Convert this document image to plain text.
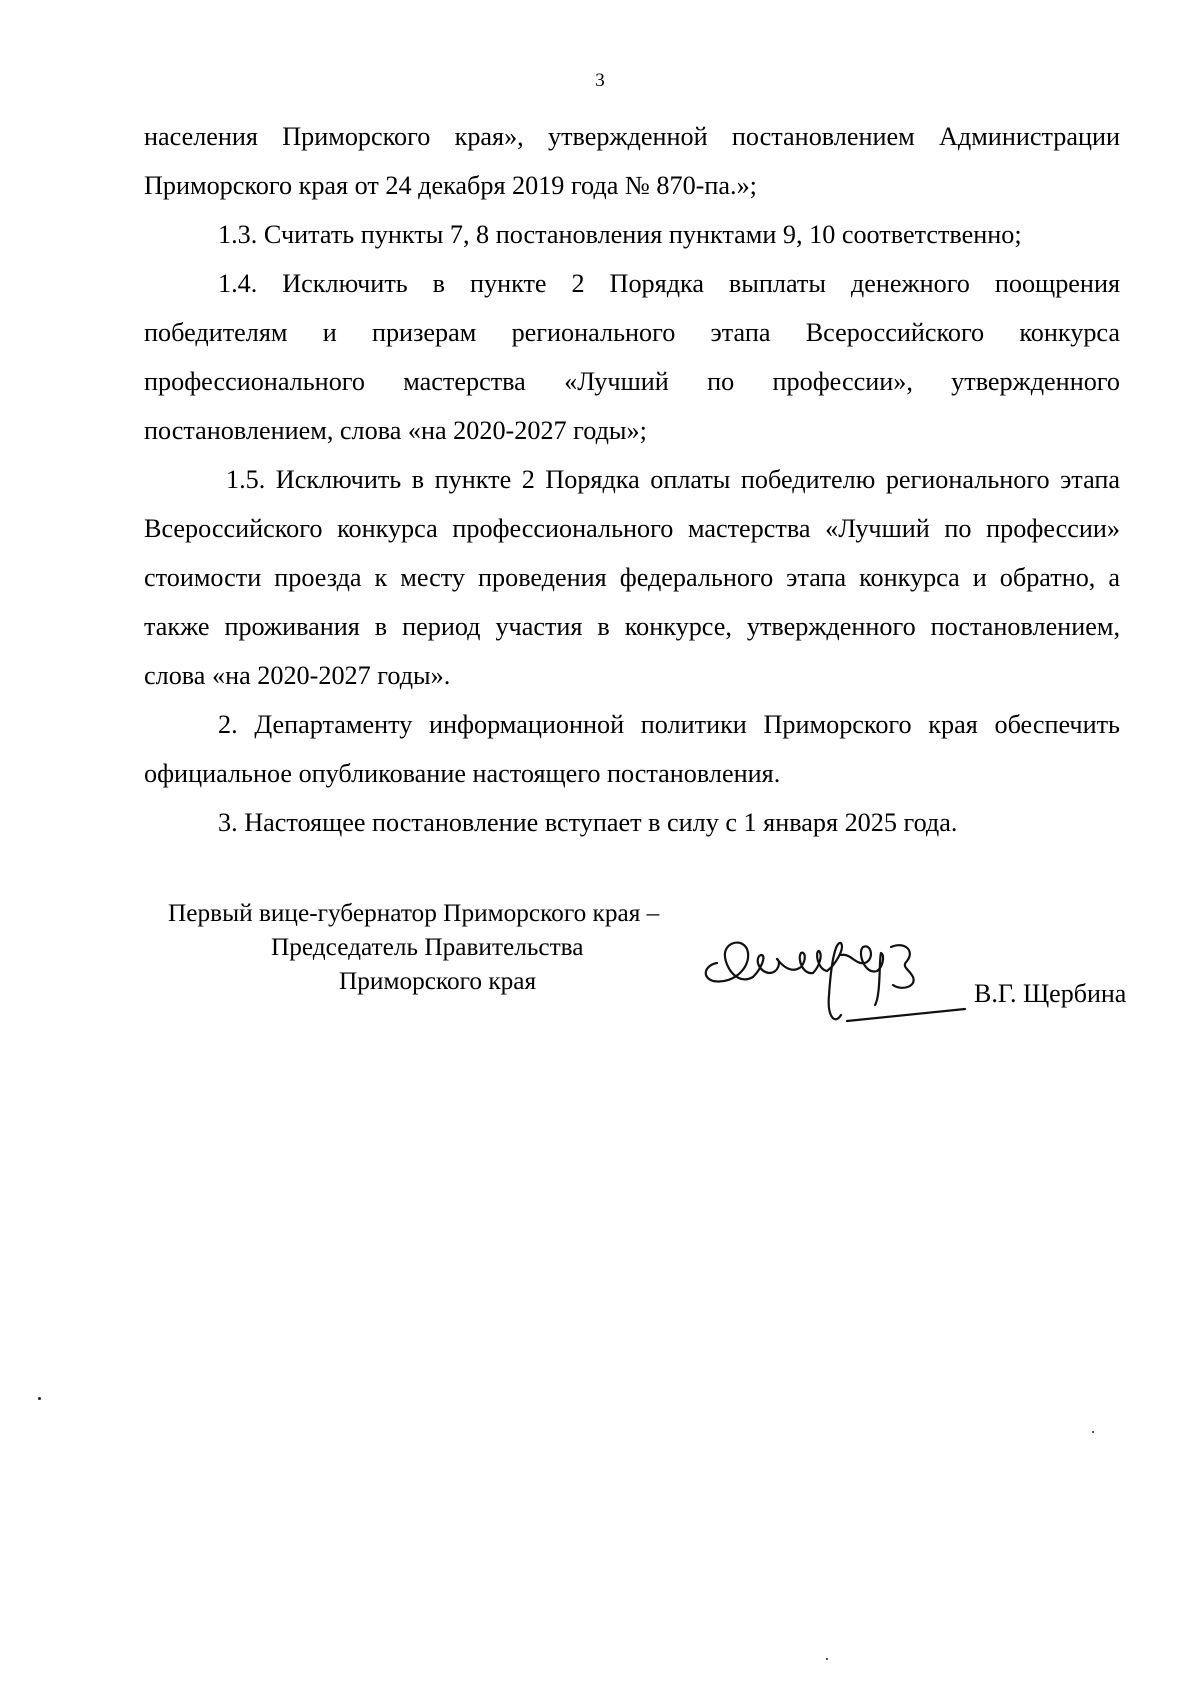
3

населения Приморского края», утвержденной постановлением Администрации Приморского края от 24 декабря 2019 года № 870-па.»;

1.3. Считать пункты 7, 8 постановления пунктами 9, 10 соответственно;

1.4. Исключить в пункте 2 Порядка выплаты денежного поощрения победителям и призерам регионального этапа Всероссийского конкурса профессионального мастерства «Лучший по профессии», утвержденного постановлением, слова «на 2020-2027 годы»;

1.5. Исключить в пункте 2 Порядка оплаты победителю регионального этапа Всероссийского конкурса профессионального мастерства «Лучший по профессии» стоимости проезда к месту проведения федерального этапа конкурса и обратно, а также проживания в период участия в конкурсе, утвержденного постановлением, слова «на 2020-2027 годы».

2. Департаменту информационной политики Приморского края обеспечить официальное опубликование настоящего постановления.

3. Настоящее постановление вступает в силу с 1 января 2025 года.

Первый вице-губернатор Приморского края –
Председатель Правительства
Приморского края	В.Г. Щербина
